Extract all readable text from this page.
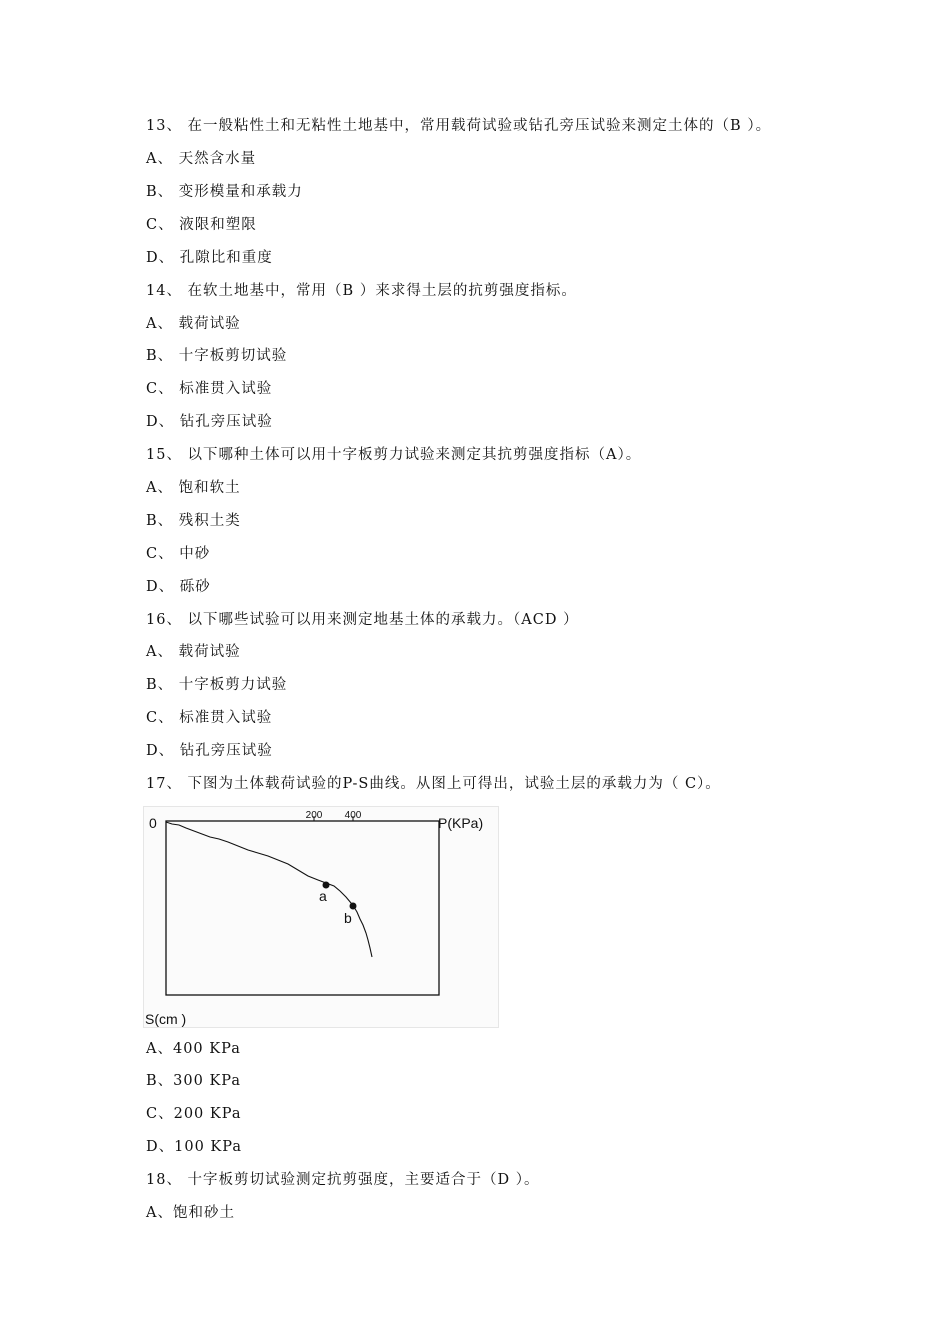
13、 在一般粘性土和无粘性土地基中，常用载荷试验或钻孔旁压试验来测定土体的（B ）。
A、 天然含水量
B、 变形模量和承载力
C、 液限和塑限
D、 孔隙比和重度
14、 在软土地基中，常用（B ）来求得土层的抗剪强度指标。
A、 载荷试验
B、 十字板剪切试验
C、 标准贯入试验
D、 钻孔旁压试验
15、 以下哪种土体可以用十字板剪力试验来测定其抗剪强度指标（A）。
A、 饱和软土
B、 残积土类
C、 中砂
D、 砾砂
16、 以下哪些试验可以用来测定地基土体的承载力。（ACD ）
A、 载荷试验
B、 十字板剪力试验
C、 标准贯入试验
D、 钻孔旁压试验
17、 下图为土体载荷试验的P-S曲线。从图上可得出，试验土层的承载力为（ C）。
0	200 400	P(KPa)
S(cm )
a
b
A、400 KPa
B、300 KPa
C、200 KPa
D、100 KPa
18、 十字板剪切试验测定抗剪强度，主要适合于（D ）。
A、饱和砂土
